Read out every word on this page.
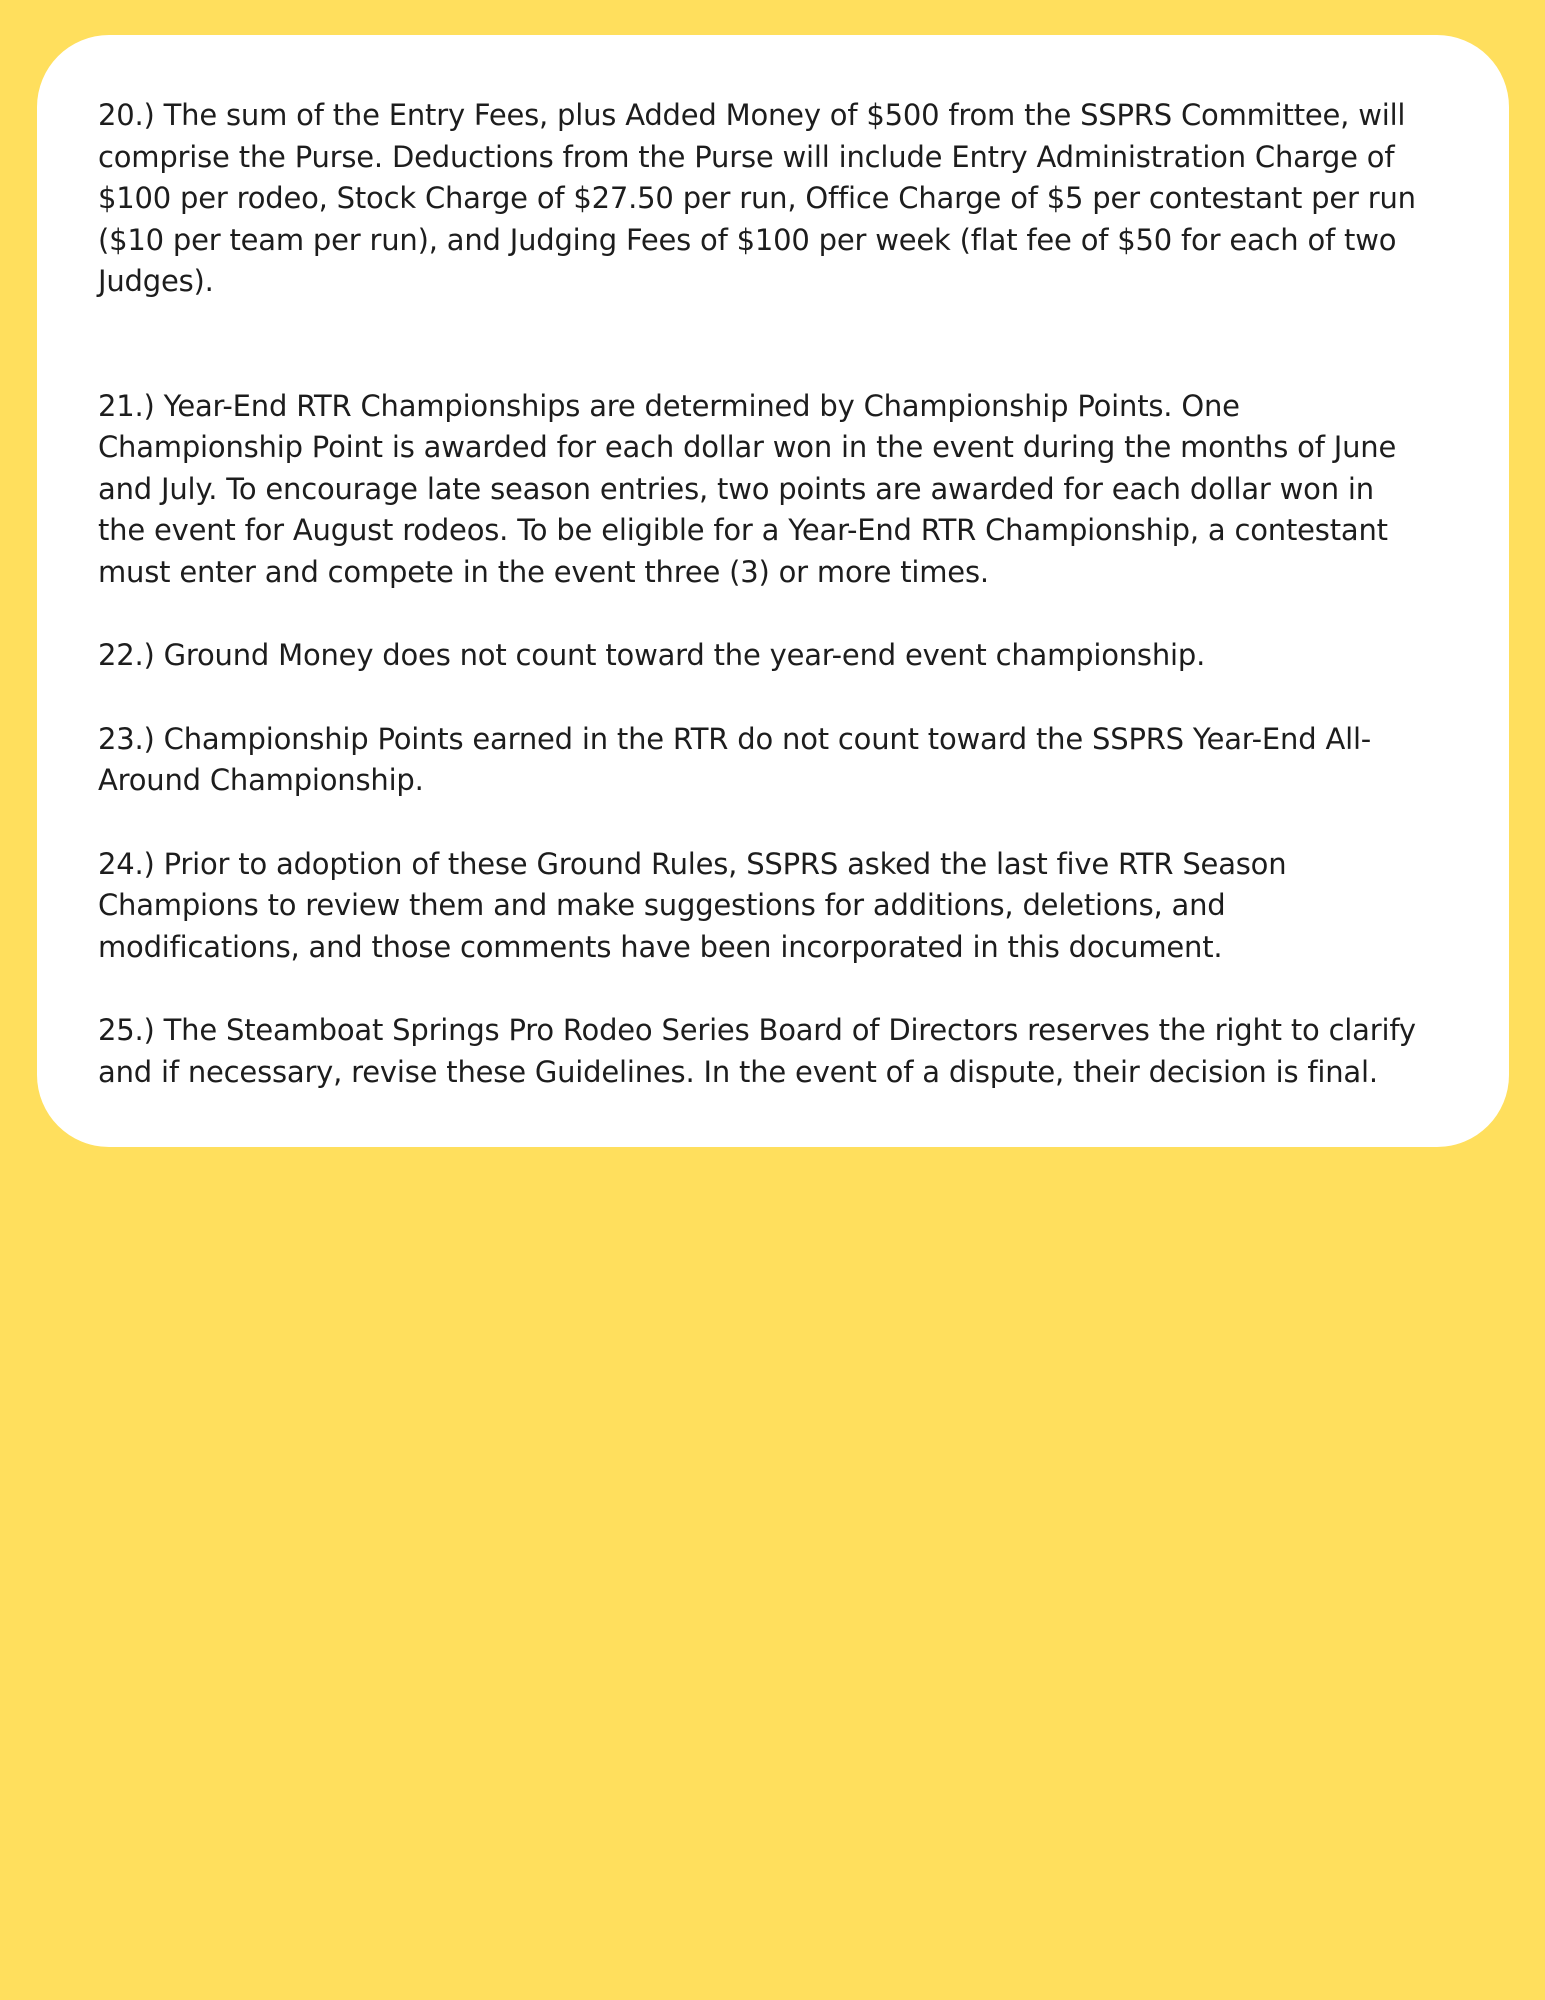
20.) The sum of the Entry Fees, plus Added Money of $500 from the SSPRS Committee, will comprise the Purse. Deductions from the Purse will include Entry Administration Charge of $100 per rodeo, Stock Charge of $27.50 per run, Office Charge of $5 per contestant per run ($10 per team per run), and Judging Fees of $100 per week (flat fee of $50 for each of two Judges).

21.) Year-End RTR Championships are determined by Championship Points. One Championship Point is awarded for each dollar won in the event during the months of June and July. To encourage late season entries, two points are awarded for each dollar won in the event for August rodeos. To be eligible for a Year-End RTR Championship, a contestant must enter and compete in the event three (3) or more times.

22.) Ground Money does not count toward the year-end event championship.

23.) Championship Points earned in the RTR do not count toward the SSPRS Year-End All-Around Championship.

24.) Prior to adoption of these Ground Rules, SSPRS asked the last five RTR Season Champions to review them and make suggestions for additions, deletions, and modifications, and those comments have been incorporated in this document.

25.) The Steamboat Springs Pro Rodeo Series Board of Directors reserves the right to clarify and if necessary, revise these Guidelines. In the event of a dispute, their decision is final.
